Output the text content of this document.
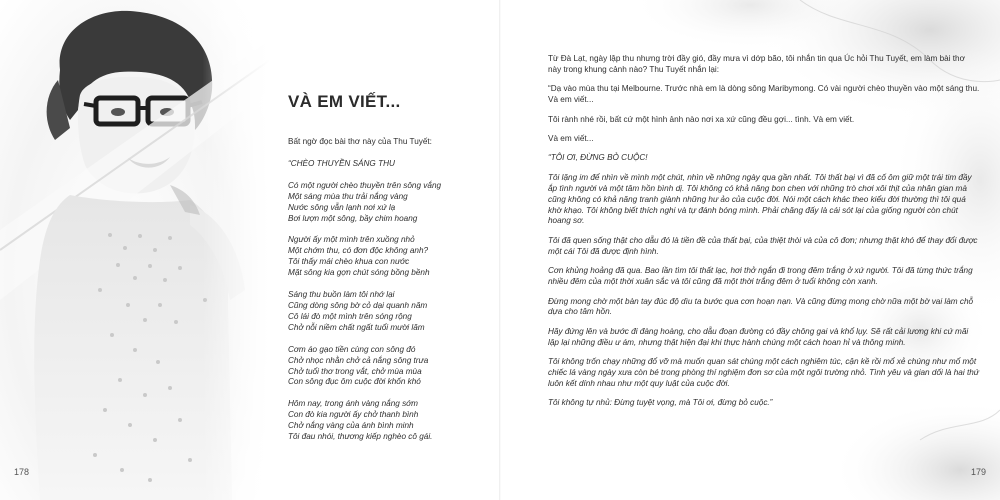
VÀ EM VIẾT...

Bất ngờ đọc bài thơ này của Thu Tuyết:

“CHÈO THUYỀN SÁNG THU

Có một người chèo thuyền trên sông vắng
Một sáng mùa thu trải nắng vàng
Nước sông vẫn lạnh nơi xứ lạ
Bơi lượn một sông, bầy chim hoang

Người ấy một mình trên xuồng nhỏ
Một chớm thu, có đơn độc không anh?
Tôi thấy mái chèo khua con nước
Mặt sông kia gợn chút sóng bồng bềnh

Sáng thu buồn làm tôi nhớ lại
Cũng dòng sông bờ cỏ dại quanh năm
Cô lái đò một mình trên sóng rộng
Chở nỗi niềm chất ngất tuổi mười lăm

Cơm áo gạo tiền cùng con sông đó
Chở nhọc nhằn chở cả nắng sông trưa
Chở tuổi thơ trong vắt, chở mùa mùa
Con sông đục ôm cuộc đời khốn khó

Hôm nay, trong ánh vàng nắng sớm
Con đò kia người ấy chở thanh bình
Chở nắng vàng của ánh bình minh
Tôi đau nhói, thương kiếp nghèo cô gái.

178

Từ Đà Lạt, ngày lập thu nhưng trời đầy gió, đầy mưa vì dớp bão, tôi nhắn tin qua Úc hỏi Thu Tuyết, em làm bài thơ này trong khung cảnh nào? Thu Tuyết nhắn lại:

“Dạ vào mùa thu tại Melbourne. Trước nhà em là dòng sông Maribymong. Có vài người chèo thuyền vào một sáng thu. Và em viết...

Tôi rành nhé rồi, bất cứ một hình ảnh nào nơi xa xứ cũng đều gợi... tình. Và em viết.

Và em viết...

“TÔI ƠI, ĐỪNG BỎ CUỘC!

Tôi lặng im để nhìn về mình một chút, nhìn về những ngày qua gần nhất. Tôi thất bại vì đã cố ôm giữ một trái tim đầy ắp tình người và một tâm hồn bình dị. Tôi không có khả năng bon chen với những trò chơi xôi thịt của nhân gian mà cũng không có khả năng tranh giành những hư ảo của cuộc đời. Nói một cách khác theo kiểu đời thường thì tôi quá khờ khạo. Tôi không biết thích nghi và tự đánh bóng mình. Phải chăng đấy là cái sót lại của giống người còn chút hoang sơ.

Tôi đã quen sống thật cho dẫu đó là tiền đề của thất bại, của thiệt thòi và của cô đơn; nhưng thật khó để thay đổi được một cái Tôi đã được định hình.

Cơn khủng hoảng đã qua. Bao lần tìm tôi thất lạc, hơi thở ngắn đi trong đêm trắng ở xứ người. Tôi đã từng thức trắng nhiều đêm của một thời xuân sắc và tôi cũng đã một thời trắng đêm ở tuổi không còn xanh.

Đừng mong chờ một bàn tay đúc độ dìu ta bước qua cơn hoạn nạn. Và cũng đừng mong chờ nữa một bờ vai làm chỗ dựa cho tâm hồn.

Hãy đứng lên và bước đi đàng hoàng, cho dẫu đoạn đường có đầy chông gai và khổ lụy. Sẽ rất cải lương khi cứ mãi lập lại những điều ư ám, nhưng thật hiện đại khi thực hành chúng một cách hoan hỉ và thông minh.

Tôi không trốn chạy những đổ vỡ mà muốn quan sát chúng một cách nghiêm túc, cận kề rồi mổ xẻ chúng như mổ một chiếc lá vàng ngày xưa còn bé trong phòng thí nghiệm đơn sơ của một ngôi trường nhỏ. Tình yêu và gian dối là hai thứ luôn kết dính nhau như một quy luật của cuộc đời.

Tôi không tự nhủ: Đừng tuyệt vọng, mà Tôi ơi, đừng bỏ cuộc.”

179
